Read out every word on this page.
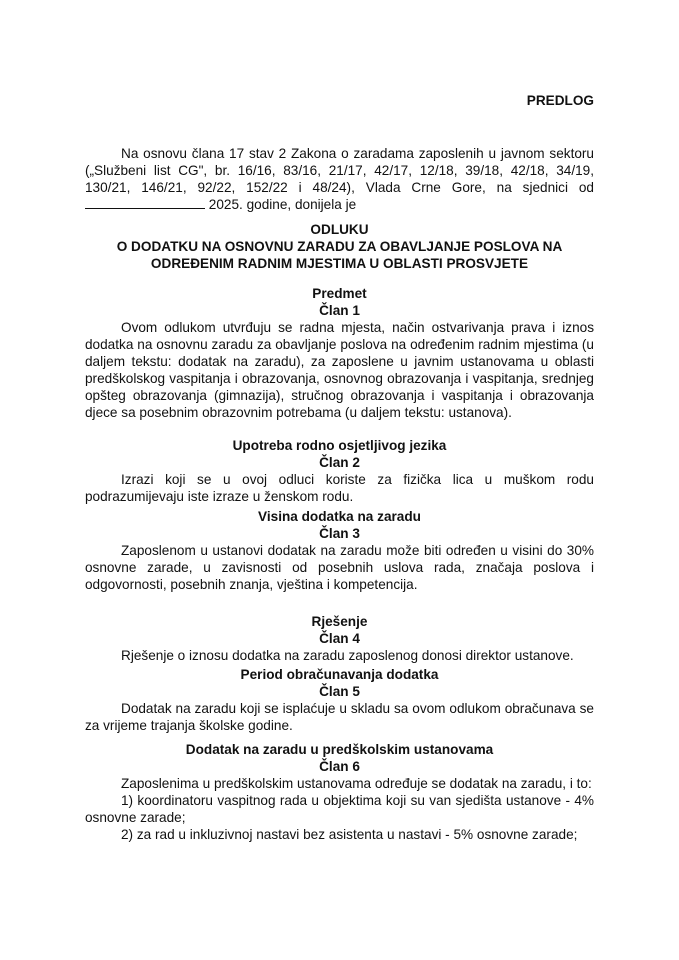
PREDLOG

Na osnovu člana 17 stav 2 Zakona o zaradama zaposlenih u javnom sektoru („Službeni list CG", br. 16/16, 83/16, 21/17, 42/17, 12/18, 39/18, 42/18, 34/19, 130/21, 146/21, 92/22, 152/22 i 48/24), Vlada Crne Gore, na sjednici od  2025. godine, donijela je

ODLUKU

O DODATKU NA OSNOVNU ZARADU ZA OBAVLJANJE POSLOVA NA

ODREĐENIM RADNIM MJESTIMA U OBLASTI PROSVJETE

Predmet

Član 1

Ovom odlukom utvrđuju se radna mjesta, način ostvarivanja prava i iznos dodatka na osnovnu zaradu za obavljanje poslova na određenim radnim mjestima (u daljem tekstu: dodatak na zaradu), za zaposlene u javnim ustanovama u oblasti predškolskog vaspitanja i obrazovanja, osnovnog obrazovanja i vaspitanja, srednjeg opšteg obrazovanja (gimnazija), stručnog obrazovanja i vaspitanja i obrazovanja djece sa posebnim obrazovnim potrebama (u daljem tekstu: ustanova).

Upotreba rodno osjetljivog jezika

Član 2

Izrazi koji se u ovoj odluci koriste za fizička lica u muškom rodu podrazumijevaju iste izraze u ženskom rodu.

Visina dodatka na zaradu

Član 3

Zaposlenom u ustanovi dodatak na zaradu može biti određen u visini do 30% osnovne zarade, u zavisnosti od posebnih uslova rada, značaja poslova i odgovornosti, posebnih znanja, vještina i kompetencija.

Rješenje

Član 4

Rješenje o iznosu dodatka na zaradu zaposlenog donosi direktor ustanove.

Period obračunavanja dodatka

Član 5

Dodatak na zaradu koji se isplaćuje u skladu sa ovom odlukom obračunava se za vrijeme trajanja školske godine.

Dodatak na zaradu u predškolskim ustanovama

Član 6

Zaposlenima u predškolskim ustanovama određuje se dodatak na zaradu, i to:

1) koordinatoru vaspitnog rada u objektima koji su van sjedišta ustanove - 4% osnovne zarade;

2) za rad u inkluzivnoj nastavi bez asistenta u nastavi - 5% osnovne zarade;
